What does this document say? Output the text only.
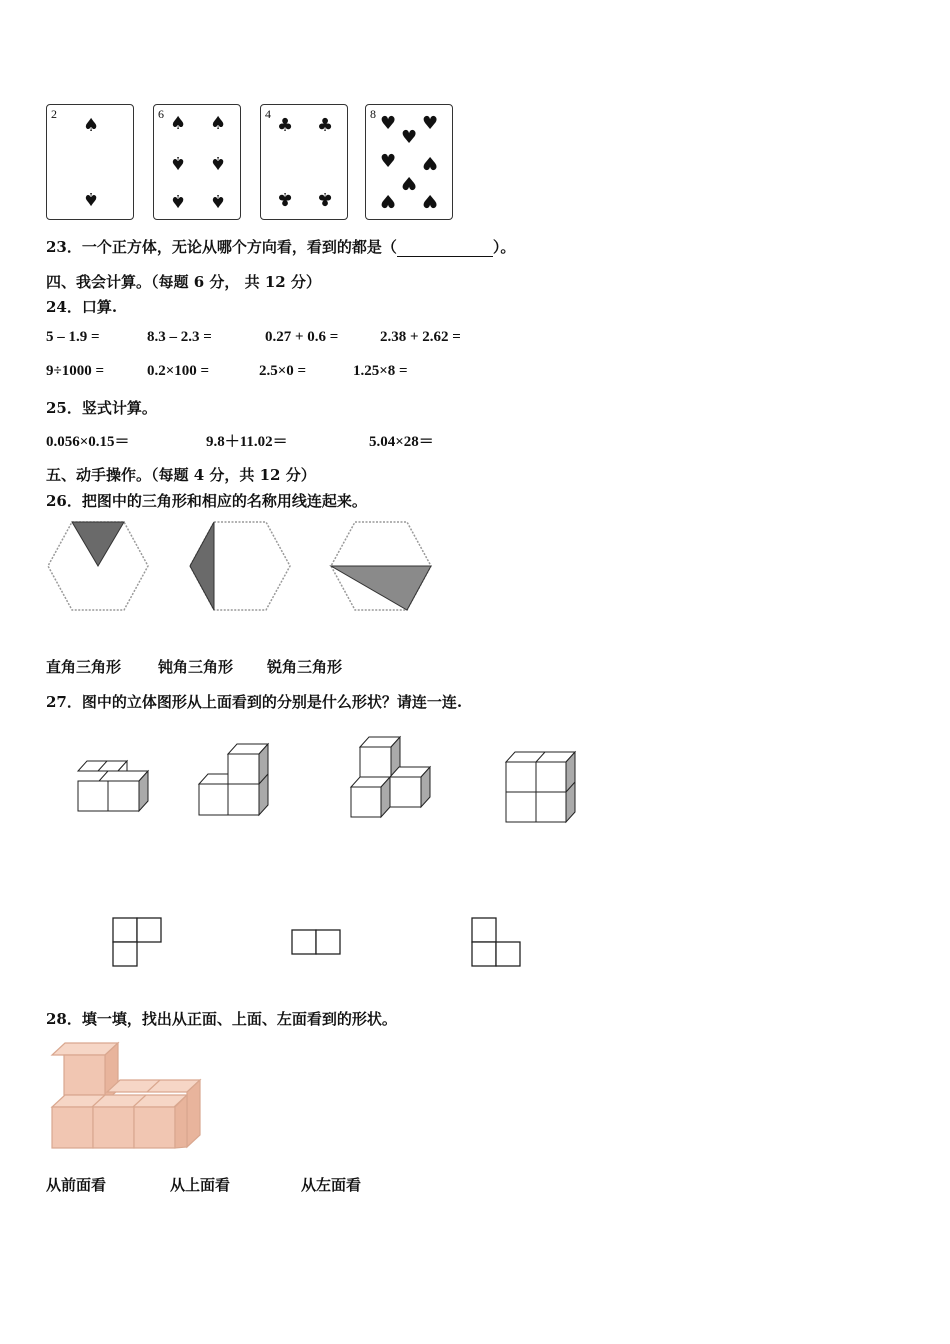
2
♠
♠
6 ♠ ♠
♠ ♠
♠ ♠
4
♣ ♣
♣ ♣
8 ♥ ♥
♥
♥ ♥
♥
♥ ♥
23．一个正方体，无论从哪个方向看，看到的都是（	）。
四、我会计算。（每题 6 分， 共 12 分）
24．口算.
5 – 1.9 =	8.3 – 2.3 =	0.27 + 0.6 =	2.38 + 2.62 =
9÷1000 =	0.2×100 =	2.5×0 =	1.25×8 =
25．竖式计算。
0.056×0.15＝	9.8＋11.02＝	5.04×28＝
五、动手操作。（每题 4 分，共 12 分）
26．把图中的三角形和相应的名称用线连起来。
直角三角形 钝角三角形 锐角三角形
27．图中的立体图形从上面看到的分别是什么形状？请连一连.
28．填一填，找出从正面、上面、左面看到的形状。
从前面看	从上面看	从左面看
